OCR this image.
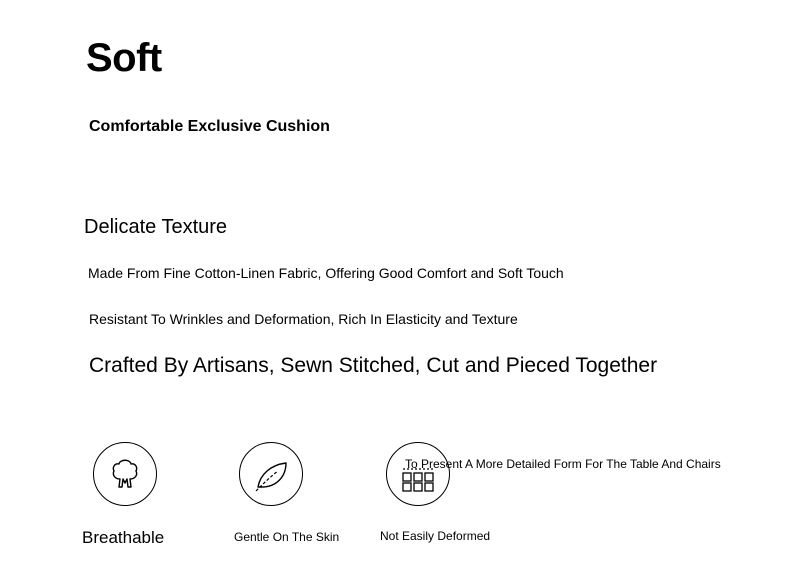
Soft
Comfortable Exclusive Cushion
Delicate Texture
Made From Fine Cotton-Linen Fabric, Offering Good Comfort and Soft Touch
Resistant To Wrinkles and Deformation, Rich In Elasticity and Texture
Crafted By Artisans, Sewn Stitched, Cut and Pieced Together
Breathable	Gentle On The Skin	Not Easily Deformed
To Present A More Detailed Form For The Table And Chairs
